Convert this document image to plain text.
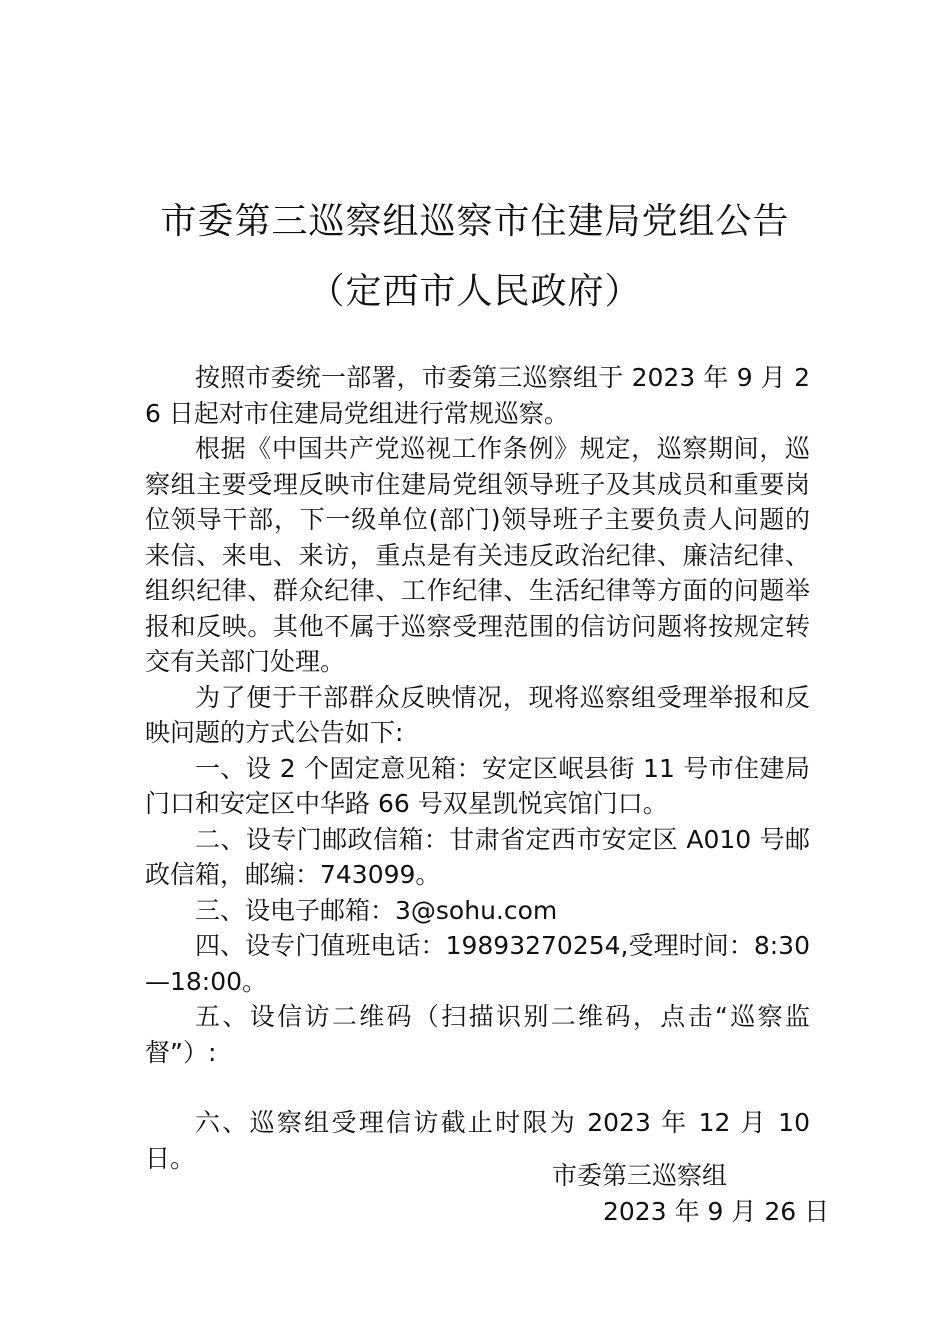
市委第三巡察组巡察市住建局党组公告
（定西市人民政府）

按照市委统一部署，市委第三巡察组于 2023 年 9 月 26 日起对市住建局党组进行常规巡察。

根据《中国共产党巡视工作条例》规定，巡察期间，巡察组主要受理反映市住建局党组领导班子及其成员和重要岗位领导干部，下一级单位(部门)领导班子主要负责人问题的来信、来电、来访，重点是有关违反政治纪律、廉洁纪律、组织纪律、群众纪律、工作纪律、生活纪律等方面的问题举报和反映。其他不属于巡察受理范围的信访问题将按规定转交有关部门处理。

为了便于干部群众反映情况，现将巡察组受理举报和反映问题的方式公告如下:

一、设 2 个固定意见箱：安定区岷县街 11 号市住建局门口和安定区中华路 66 号双星凯悦宾馆门口。

二、设专门邮政信箱：甘肃省定西市安定区 A010 号邮政信箱，邮编：743099。

三、设电子邮箱：3@sohu.com

四、设专门值班电话：19893270254,受理时间：8:30—18:00。

五、设信访二维码（扫描识别二维码，点击“巡察监督”）:

六、巡察组受理信访截止时限为 2023 年 12 月 10 日。

市委第三巡察组
2023 年 9 月 26 日
